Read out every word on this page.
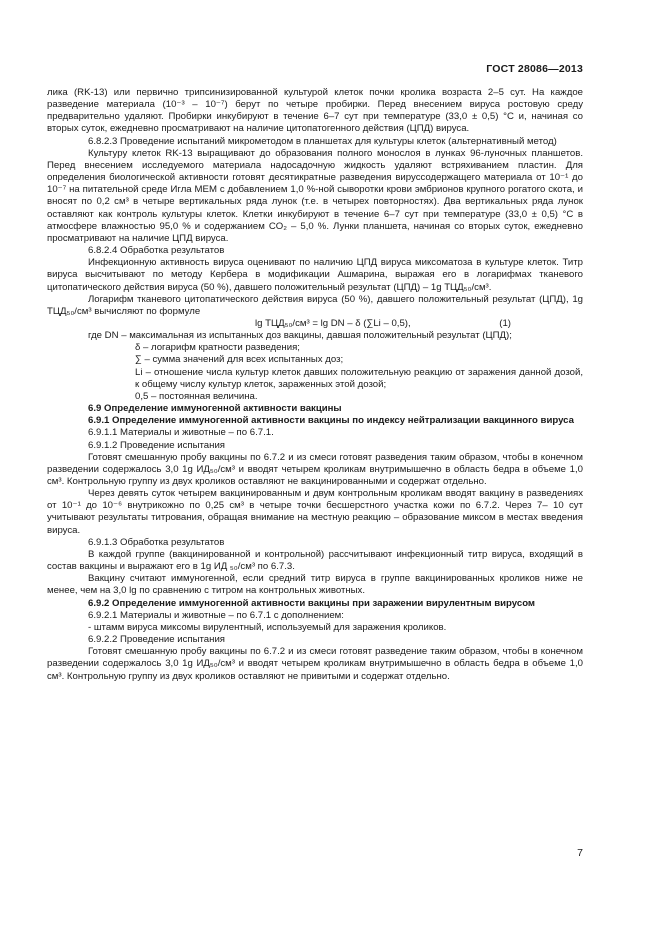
ГОСТ 28086—2013

лика (RK-13) или первично трипсинизированной культурой клеток почки кролика возраста 2–5 сут. На каждое разведение материала (10⁻³ – 10⁻⁷) берут по четыре пробирки. Перед внесением вируса ростовую среду предварительно удаляют. Пробирки инкубируют в течение 6–7 сут при температуре (33,0 ± 0,5) °С и, начиная со вторых суток, ежедневно просматривают на наличие цитопатогенного действия (ЦПД) вируса.

6.8.2.3 Проведение испытаний микрометодом в планшетах для культуры клеток (альтернативный метод)

Культуру клеток RK-13 выращивают до образования полного монослоя в лунках 96-луночных планшетов. Перед внесением исследуемого материала надосадочную жидкость удаляют встряхиванием пластин. Для определения биологической активности готовят десятикратные разведения вируссодержащего материала от 10⁻¹ до 10⁻⁷ на питательной среде Игла МЕМ с добавлением 1,0 %-ной сыворотки крови эмбрионов крупного рогатого скота, и вносят по 0,2 см³ в четыре вертикальных ряда лунок (т.е. в четырех повторностях). Два вертикальных ряда лунок оставляют как контроль культуры клеток. Клетки инкубируют в течение 6–7 сут при температуре (33,0 ± 0,5) °С в атмосфере влажностью 95,0 % и содержанием CO₂ – 5,0 %. Лунки планшета, начиная со вторых суток, ежедневно просматривают на наличие ЦПД вируса.

6.8.2.4 Обработка результатов

Инфекционную активность вируса оценивают по наличию ЦПД вируса миксоматоза в культуре клеток. Титр вируса высчитывают по методу Кербера в модификации Ашмарина, выражая его в логарифмах тканевого цитопатического действия вируса (50 %), давшего положительный результат (ЦПД) – 1g ТЦД₅₀/см³.

Логарифм тканевого цитопатического действия вируса (50 %), давшего положительный результат (ЦПД), 1g ТЦД₅₀/см³ вычисляют по формуле

lg ТЦД₅₀/см³ = lg DN – δ (∑Li – 0,5),	(1)

где DN – максимальная из испытанных доз вакцины, давшая положительный результат (ЦПД);

δ – логарифм кратности разведения;

∑ – сумма значений для всех испытанных доз;

Li – отношение числа культур клеток давших положительную реакцию от заражения данной дозой, к общему числу культур клеток, зараженных этой дозой;

0,5 – постоянная величина.

6.9 Определение иммуногенной активности вакцины

6.9.1 Определение иммуногенной активности вакцины по индексу нейтрализации вакцинного вируса

6.9.1.1 Материалы и животные – по 6.7.1.

6.9.1.2 Проведение испытания

Готовят смешанную пробу вакцины по 6.7.2 и из смеси готовят разведения таким образом, чтобы в конечном разведении содержалось 3,0 1g ИД₅₀/см³ и вводят четырем кроликам внутримышечно в область бедра в объеме 1,0 см³. Контрольную группу из двух кроликов оставляют не вакцинированными и содержат отдельно.

Через девять суток четырем вакцинированным и двум контрольным кроликам вводят вакцину в разведениях от 10⁻¹ до 10⁻⁶ внутрикожно по 0,25 см³ в четыре точки бесшерстного участка кожи по 6.7.2. Через 7– 10 сут учитывают результаты титрования, обращая внимание на местную реакцию – образование миксом в местах введения вируса.

6.9.1.3 Обработка результатов

В каждой группе (вакцинированной и контрольной) рассчитывают инфекционный титр вируса, входящий в состав вакцины и выражают его в 1g ИД ₅₀/см³ по 6.7.3.

Вакцину считают иммуногенной, если средний титр вируса в группе вакцинированных кроликов ниже не менее, чем на 3,0 lg по сравнению с титром на контрольных животных.

6.9.2 Определение иммуногенной активности вакцины при заражении вирулентным вирусом

6.9.2.1 Материалы и животные – по 6.7.1 с дополнением:

- штамм вируса миксомы вирулентный, используемый для заражения кроликов.

6.9.2.2 Проведение испытания

Готовят смешанную пробу вакцины по 6.7.2 и из смеси готовят разведение таким образом, чтобы в конечном разведении содержалось 3,0 1g ИД₅₀/см³ и вводят четырем кроликам внутримышечно в область бедра в объеме 1,0 см³. Контрольную группу из двух кроликов оставляют не привитыми и содержат отдельно.

7
